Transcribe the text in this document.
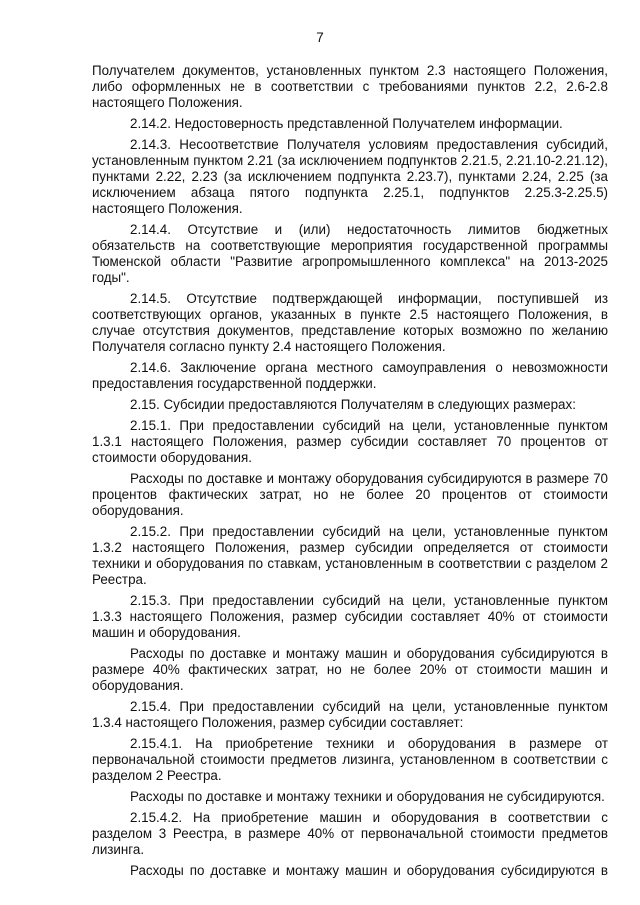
7

Получателем документов, установленных пунктом 2.3 настоящего Положения, либо оформленных не в соответствии с требованиями пунктов 2.2, 2.6-2.8 настоящего Положения.

2.14.2. Недостоверность представленной Получателем информации.

2.14.3. Несоответствие Получателя условиям предоставления субсидий, установленным пунктом 2.21 (за исключением подпунктов 2.21.5, 2.21.10-2.21.12), пунктами 2.22, 2.23 (за исключением подпункта 2.23.7), пунктами 2.24, 2.25 (за исключением абзаца пятого подпункта 2.25.1, подпунктов 2.25.3-2.25.5) настоящего Положения.

2.14.4. Отсутствие и (или) недостаточность лимитов бюджетных обязательств на соответствующие мероприятия государственной программы Тюменской области "Развитие агропромышленного комплекса" на 2013-2025 годы".

2.14.5. Отсутствие подтверждающей информации, поступившей из соответствующих органов, указанных в пункте 2.5 настоящего Положения, в случае отсутствия документов, представление которых возможно по желанию Получателя согласно пункту 2.4 настоящего Положения.

2.14.6. Заключение органа местного самоуправления о невозможности предоставления государственной поддержки.

2.15. Субсидии предоставляются Получателям в следующих размерах:

2.15.1. При предоставлении субсидий на цели, установленные пунктом 1.3.1 настоящего Положения, размер субсидии составляет 70 процентов от стоимости оборудования.

Расходы по доставке и монтажу оборудования субсидируются в размере 70 процентов фактических затрат, но не более 20 процентов от стоимости оборудования.

2.15.2. При предоставлении субсидий на цели, установленные пунктом 1.3.2 настоящего Положения, размер субсидии определяется от стоимости техники и оборудования по ставкам, установленным в соответствии с разделом 2 Реестра.

2.15.3. При предоставлении субсидий на цели, установленные пунктом 1.3.3 настоящего Положения, размер субсидии составляет 40% от стоимости машин и оборудования.

Расходы по доставке и монтажу машин и оборудования субсидируются в размере 40% фактических затрат, но не более 20% от стоимости машин и оборудования.

2.15.4. При предоставлении субсидий на цели, установленные пунктом 1.3.4 настоящего Положения, размер субсидии составляет:

2.15.4.1. На приобретение техники и оборудования в размере от первоначальной стоимости предметов лизинга, установленном в соответствии с разделом 2 Реестра.

Расходы по доставке и монтажу техники и оборудования не субсидируются.

2.15.4.2. На приобретение машин и оборудования в соответствии с разделом 3 Реестра, в размере 40% от первоначальной стоимости предметов лизинга.

Расходы по доставке и монтажу машин и оборудования субсидируются в
